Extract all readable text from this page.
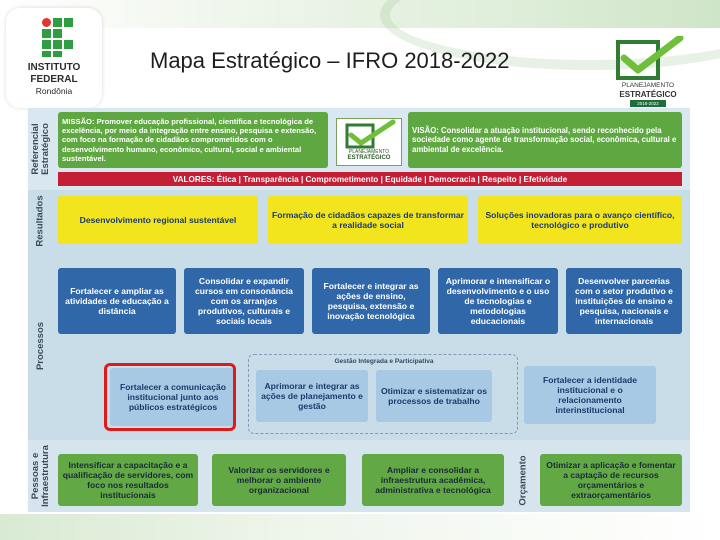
INSTITUTO
FEDERAL
Rondônia
Mapa Estratégico – IFRO 2018-2022
PLANEJAMENTO
ESTRATÉGICO
2018-2022
Referencial Estratégico
MISSÃO: Promover educação profissional, científica e tecnológica de excelência, por meio da integração entre ensino, pesquisa e extensão, com foco na formação de cidadãos comprometidos com o desenvolvimento humano, econômico, cultural, social e ambiental sustentável.
PLANEJAMENTO
ESTRATÉGICO
VISÃO: Consolidar a atuação institucional, sendo reconhecido pela sociedade como agente de transformação social, econômica, cultural e ambiental de excelência.
VALORES: Ética | Transparência | Comprometimento | Equidade | Democracia | Respeito | Efetividade
Resultados	Desenvolvimento regional sustentável	Formação de cidadãos capazes de transformar a realidade social
Soluções inovadoras para o avanço científico, tecnológico e produtivo
Processos
Fortalecer e ampliar as atividades de educação a distância
Consolidar e expandir cursos em consonância com os arranjos produtivos, culturais e sociais locais
Fortalecer e integrar as ações de ensino, pesquisa, extensão e inovação tecnológica
Aprimorar e intensificar o desenvolvimento e o uso de tecnologias e metodologias educacionais
Desenvolver parcerias com o setor produtivo e instituições de ensino e pesquisa, nacionais e internacionais
Gestão Integrada e Participativa
Fortalecer a comunicação institucional junto aos públicos estratégicos
Aprimorar e integrar as ações de planejamento e gestão
Otimizar e sistematizar os processos de trabalho
Fortalecer a identidade institucional e o relacionamento interinstitucional
Pessoas e Infraestrutura	Intensificar a capacitação e a qualificação de servidores, com foco nos resultados institucionais
Valorizar os servidores e melhorar o ambiente organizacional
Ampliar e consolidar a infraestrutura acadêmica, administrativa e tecnológica	Orçamento	Otimizar a aplicação e fomentar a captação de recursos orçamentários e extraorçamentários
